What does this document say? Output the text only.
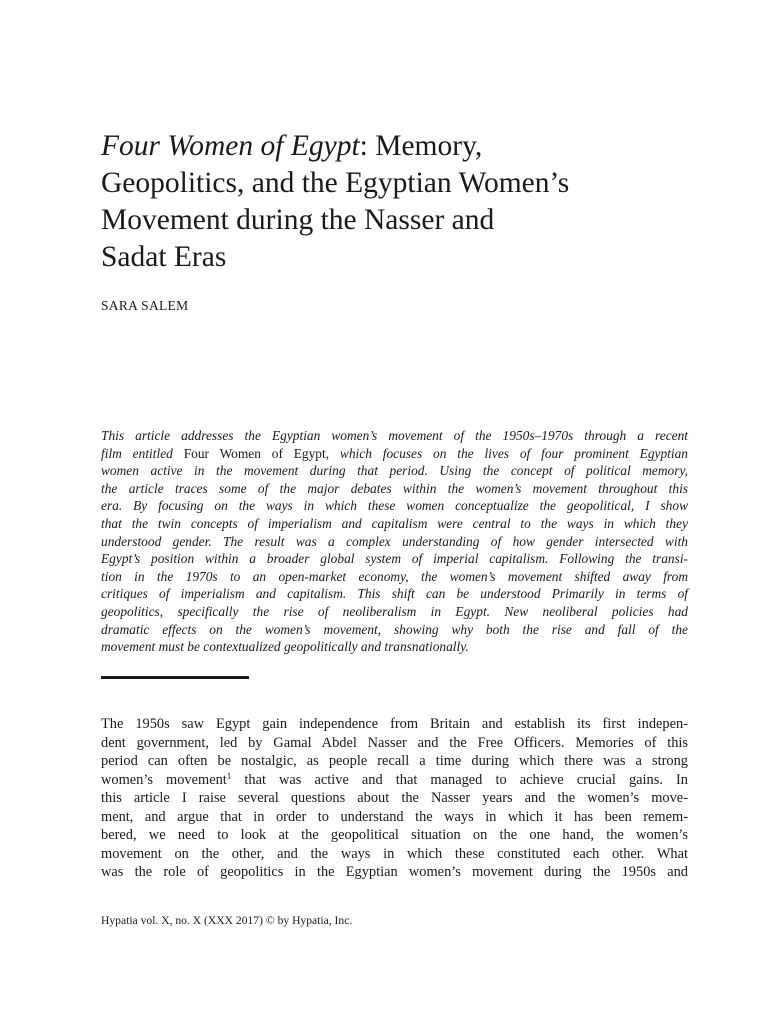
Four Women of Egypt: Memory,
Geopolitics, and the Egyptian Women’s
Movement during the Nasser and
Sadat Eras

SARA SALEM

This article addresses the Egyptian women’s movement of the 1950s–1970s through a recent
film entitled Four Women of Egypt, which focuses on the lives of four prominent Egyptian
women active in the movement during that period. Using the concept of political memory,
the article traces some of the major debates within the women’s movement throughout this
era. By focusing on the ways in which these women conceptualize the geopolitical, I show
that the twin concepts of imperialism and capitalism were central to the ways in which they
understood gender. The result was a complex understanding of how gender intersected with
Egypt’s position within a broader global system of imperial capitalism. Following the transi-
tion in the 1970s to an open-market economy, the women’s movement shifted away from
critiques of imperialism and capitalism. This shift can be understood Primarily in terms of
geopolitics, specifically the rise of neoliberalism in Egypt. New neoliberal policies had
dramatic effects on the women’s movement, showing why both the rise and fall of the
movement must be contextualized geopolitically and transnationally.

The 1950s saw Egypt gain independence from Britain and establish its first indepen-
dent government, led by Gamal Abdel Nasser and the Free Officers. Memories of this
period can often be nostalgic, as people recall a time during which there was a strong
women’s movement$^1$ that was active and that managed to achieve crucial gains. In
this article I raise several questions about the Nasser years and the women’s move-
ment, and argue that in order to understand the ways in which it has been remem-
bered, we need to look at the geopolitical situation on the one hand, the women’s
movement on the other, and the ways in which these constituted each other. What
was the role of geopolitics in the Egyptian women’s movement during the 1950s and

Hypatia vol. X, no. X (XXX 2017) © by Hypatia, Inc.
